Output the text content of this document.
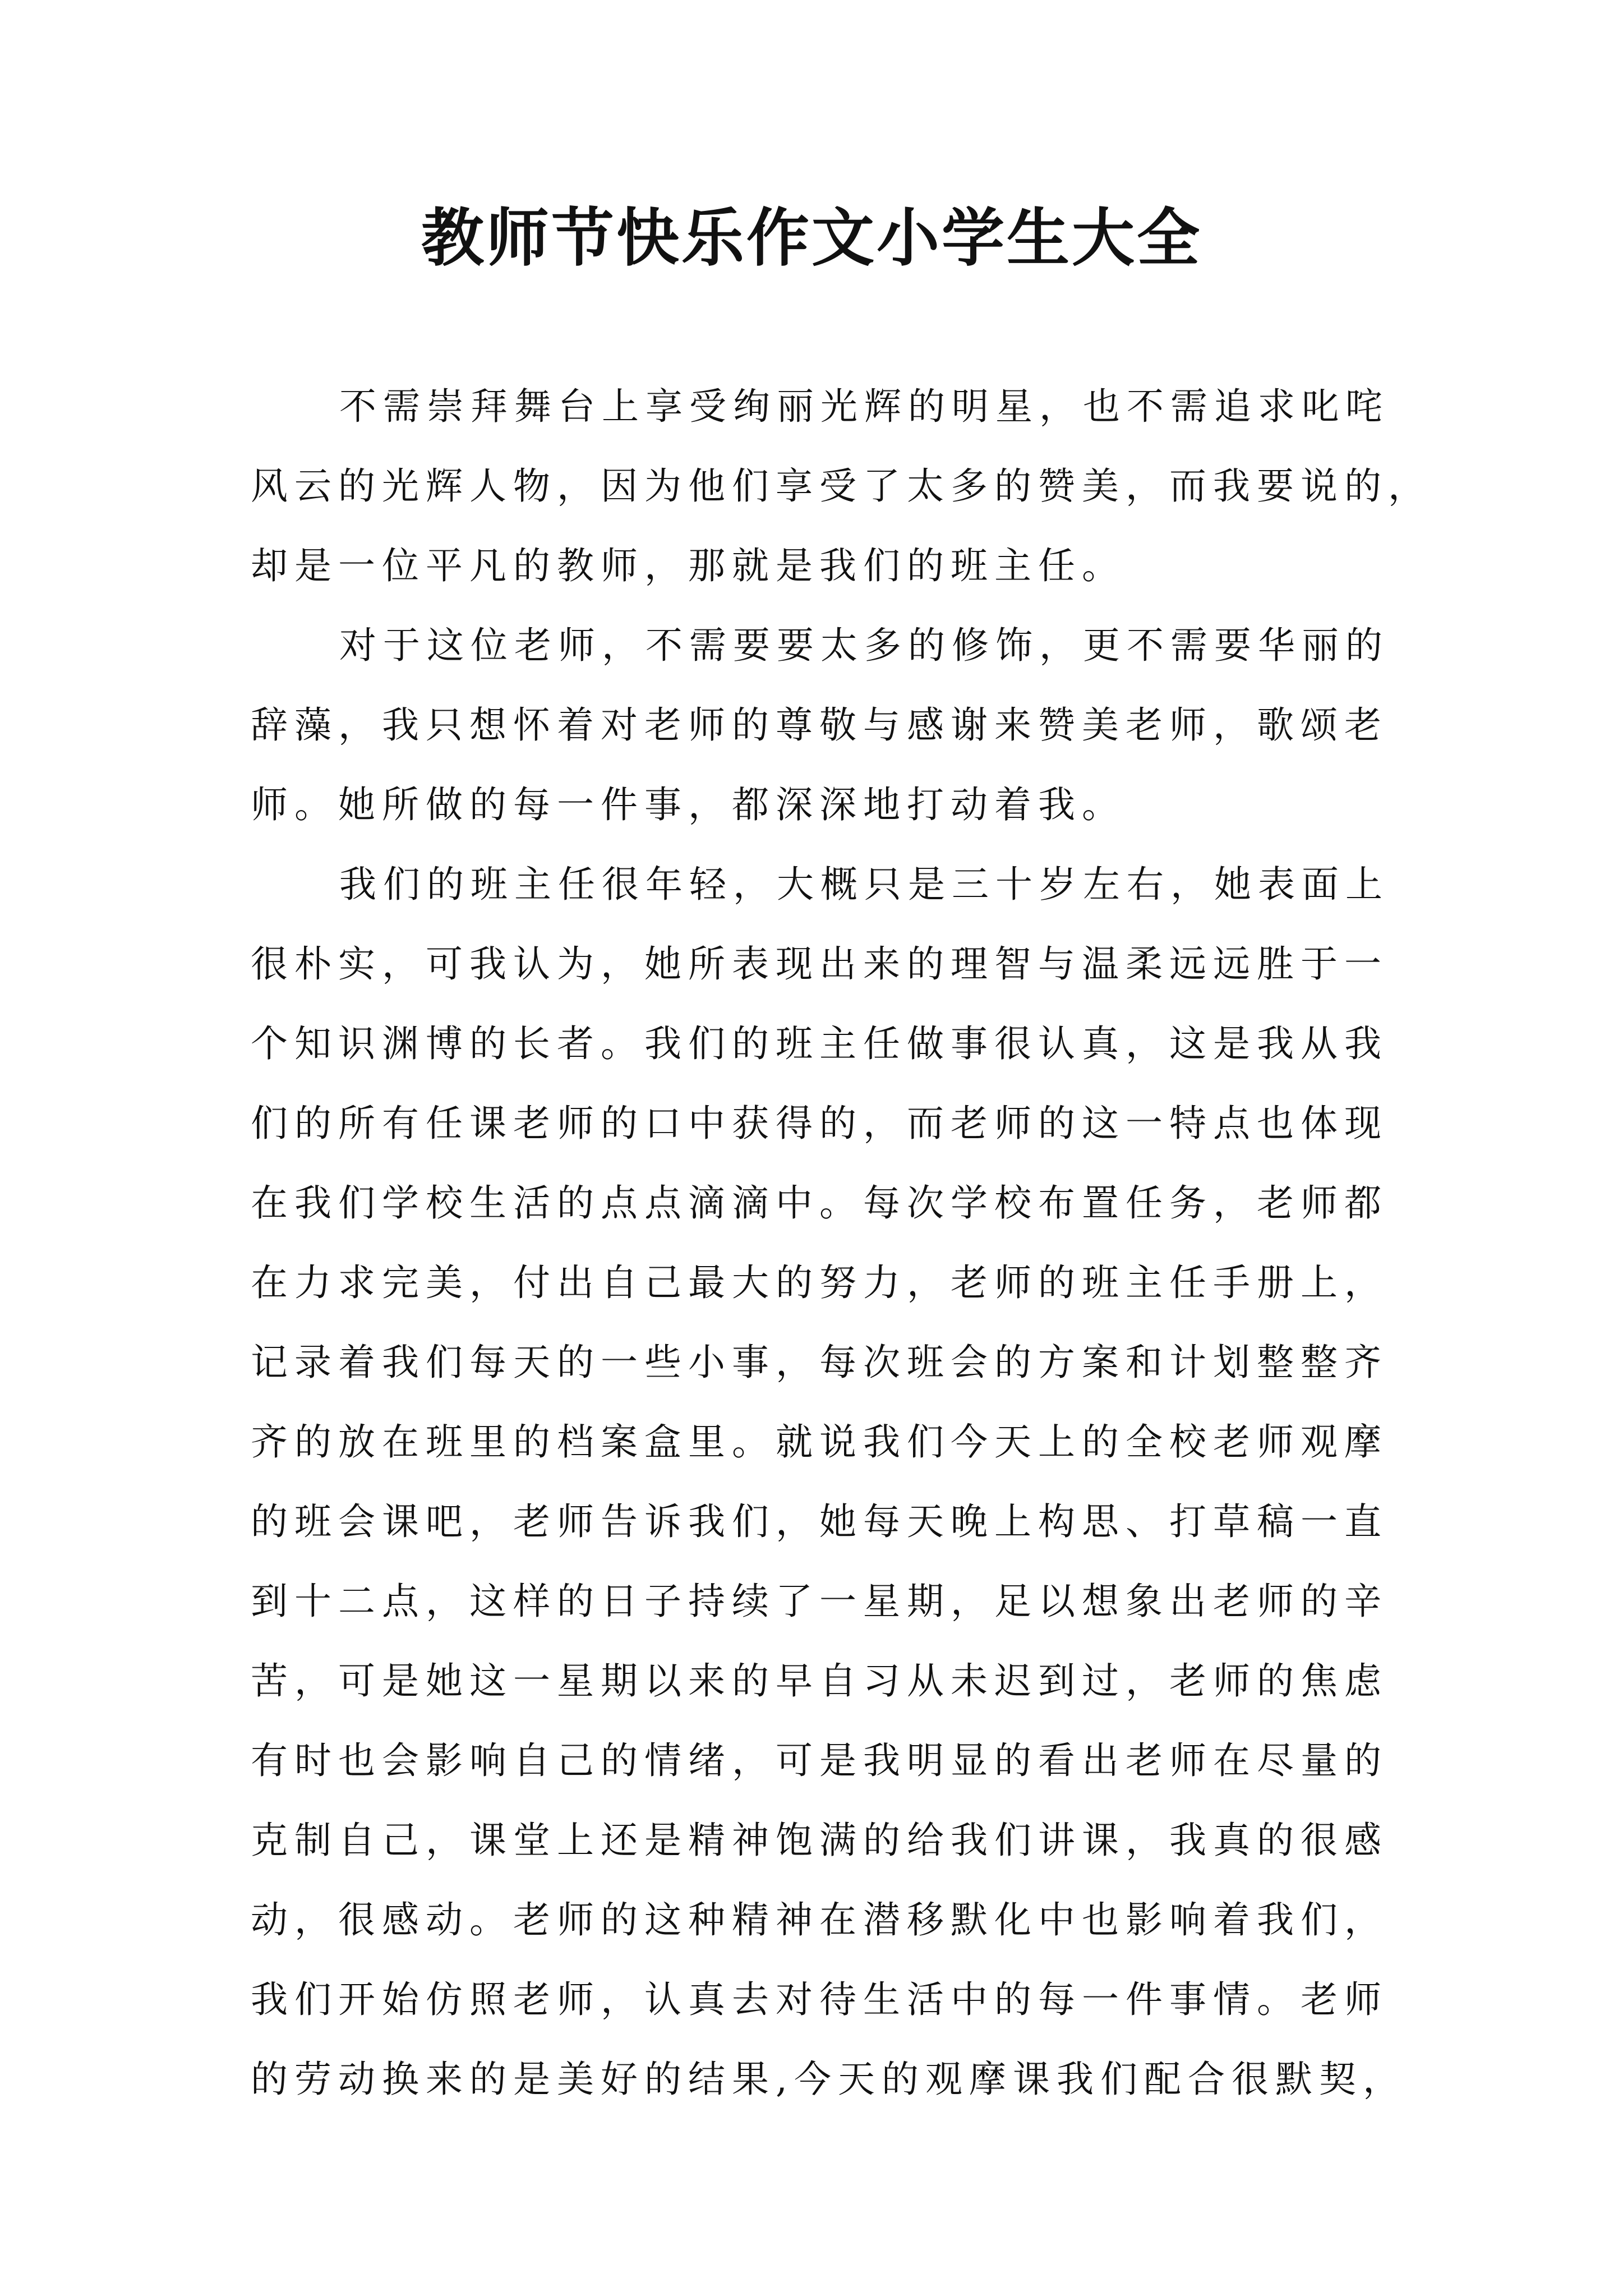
教师节快乐作文小学生大全
不需崇拜舞台上享受绚丽光辉的明星，也不需追求叱咤
风云的光辉人物，因为他们享受了太多的赞美，而我要说的，
却是一位平凡的教师，那就是我们的班主任。
对于这位老师，不需要要太多的修饰，更不需要华丽的
辞藻，我只想怀着对老师的尊敬与感谢来赞美老师，歌颂老
师。她所做的每一件事，都深深地打动着我。
我们的班主任很年轻，大概只是三十岁左右，她表面上
很朴实，可我认为，她所表现出来的理智与温柔远远胜于一
个知识渊博的长者。我们的班主任做事很认真，这是我从我
们的所有任课老师的口中获得的，而老师的这一特点也体现
在我们学校生活的点点滴滴中。每次学校布置任务，老师都
在力求完美，付出自己最大的努力，老师的班主任手册上，
记录着我们每天的一些小事，每次班会的方案和计划整整齐
齐的放在班里的档案盒里。就说我们今天上的全校老师观摩
的班会课吧，老师告诉我们，她每天晚上构思、打草稿一直
到十二点，这样的日子持续了一星期，足以想象出老师的辛
苦，可是她这一星期以来的早自习从未迟到过，老师的焦虑
有时也会影响自己的情绪，可是我明显的看出老师在尽量的
克制自己，课堂上还是精神饱满的给我们讲课，我真的很感
动，很感动。老师的这种精神在潜移默化中也影响着我们，
我们开始仿照老师，认真去对待生活中的每一件事情。老师
的劳动换来的是美好的结果,今天的观摩课我们配合很默契，
